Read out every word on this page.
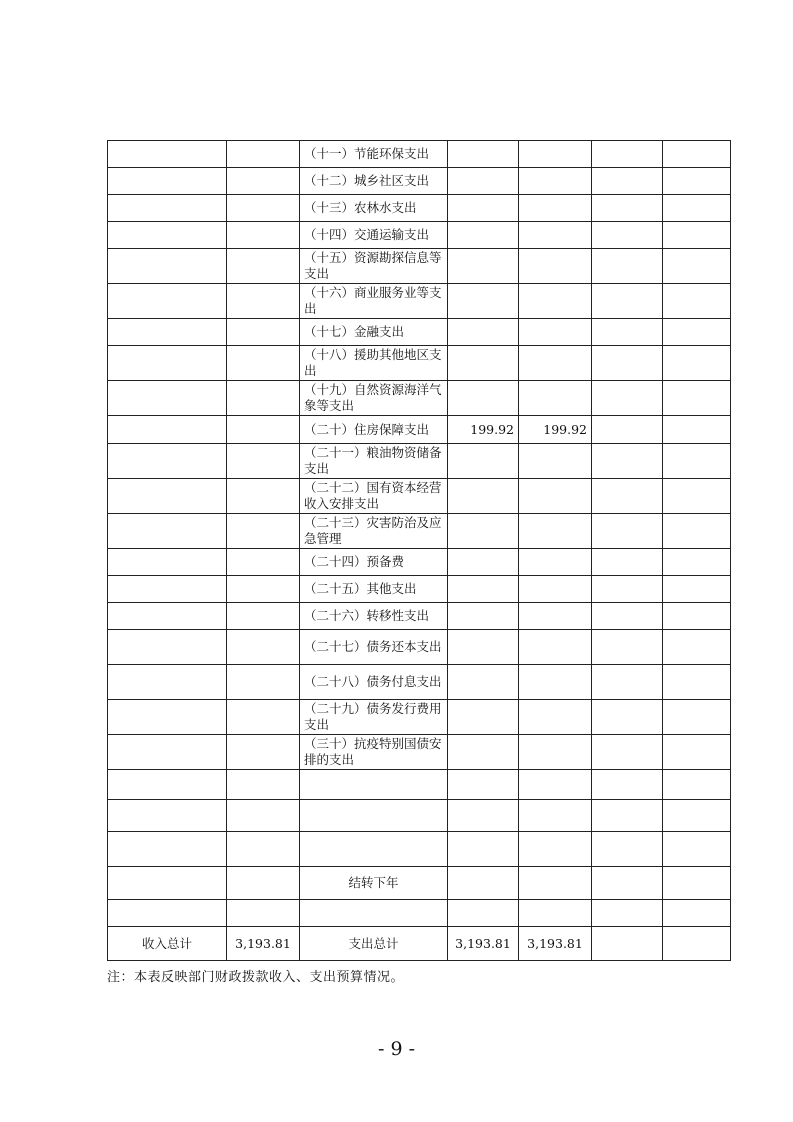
		（十一）节能环保支出				
		（十二）城乡社区支出				
		（十三）农林水支出				
		（十四）交通运输支出				
		（十五）资源勘探信息等支出				
		（十六）商业服务业等支出				
		（十七）金融支出				
		（十八）援助其他地区支出				
		（十九）自然资源海洋气象等支出				
		（二十）住房保障支出	199.92	199.92		
		（二十一）粮油物资储备支出				
		（二十二）国有资本经营收入安排支出				
		（二十三）灾害防治及应急管理				
		（二十四）预备费				
		（二十五）其他支出				
		（二十六）转移性支出				
		（二十七）债务还本支出				
		（二十八）债务付息支出				
		（二十九）债务发行费用支出				
		（三十）抗疫特别国债安排的支出				

		结转下年				

收入总计	3,193.81	支出总计	3,193.81	3,193.81		
注：本表反映部门财政拨款收入、支出预算情况。
- 9 -
